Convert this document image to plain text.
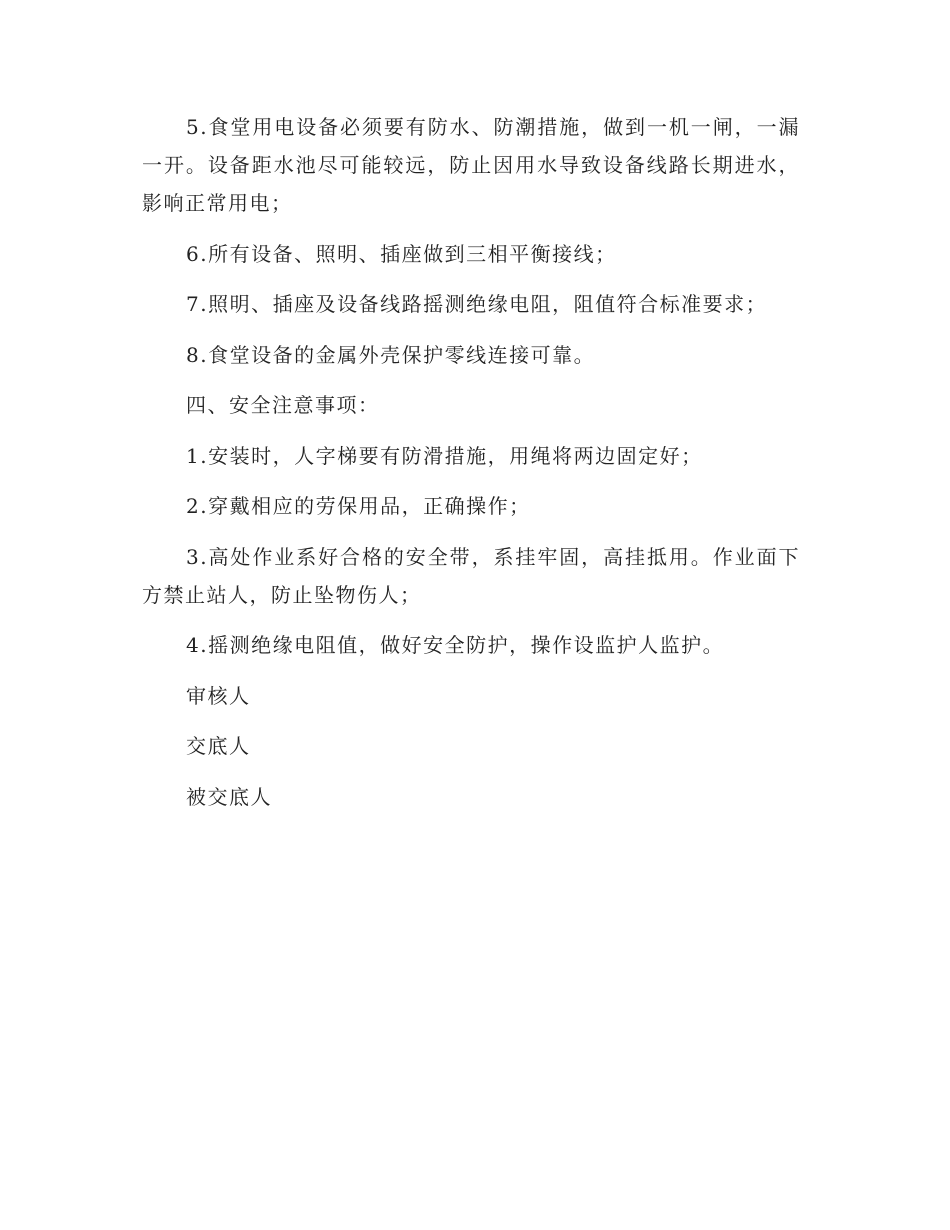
5.食堂用电设备必须要有防水、防潮措施，做到一机一闸，一漏一开。设备距水池尽可能较远，防止因用水导致设备线路长期进水，影响正常用电；

6.所有设备、照明、插座做到三相平衡接线；

7.照明、插座及设备线路摇测绝缘电阻，阻值符合标准要求；

8.食堂设备的金属外壳保护零线连接可靠。

四、安全注意事项：

1.安装时，人字梯要有防滑措施，用绳将两边固定好；

2.穿戴相应的劳保用品，正确操作；

3.高处作业系好合格的安全带，系挂牢固，高挂抵用。作业面下方禁止站人，防止坠物伤人；

4.摇测绝缘电阻值，做好安全防护，操作设监护人监护。

审核人

交底人

被交底人
